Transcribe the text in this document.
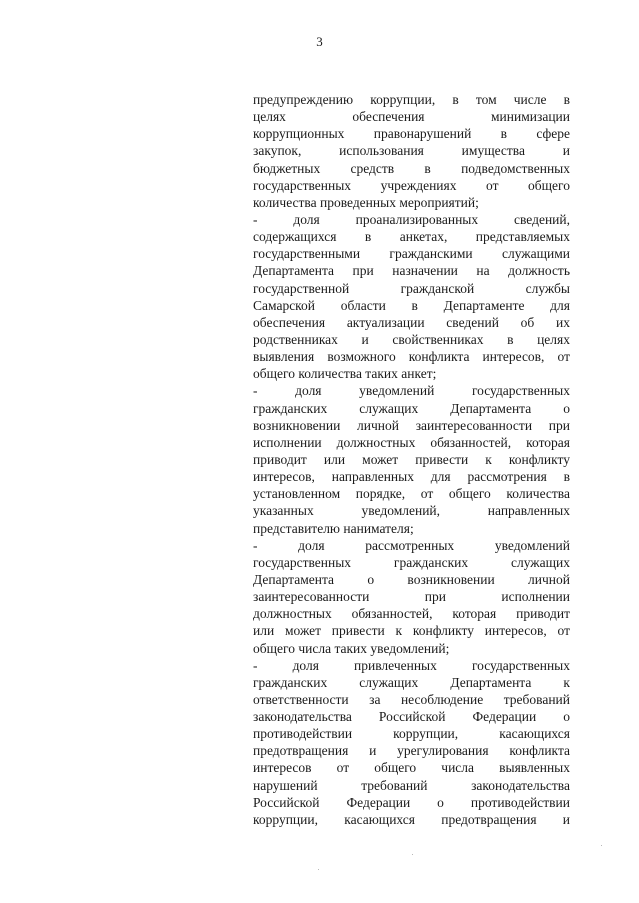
3
предупреждению коррупции, в том числе в
целях обеспечения минимизации
коррупционных правонарушений в сфере
закупок, использования имущества и
бюджетных средств в подведомственных
государственных учреждениях от общего
количества проведенных мероприятий;
- доля проанализированных сведений,
содержащихся в анкетах, представляемых
государственными гражданскими служащими
Департамента при назначении на должность
государственной гражданской службы
Самарской области в Департаменте для
обеспечения актуализации сведений об их
родственниках и свойственниках в целях
выявления возможного конфликта интересов, от
общего количества таких анкет;
- доля уведомлений государственных
гражданских служащих Департамента о
возникновении личной заинтересованности при
исполнении должностных обязанностей, которая
приводит или может привести к конфликту
интересов, направленных для рассмотрения в
установленном порядке, от общего количества
указанных уведомлений, направленных
представителю нанимателя;
- доля рассмотренных уведомлений
государственных гражданских служащих
Департамента о возникновении личной
заинтересованности при исполнении
должностных обязанностей, которая приводит
или может привести к конфликту интересов, от
общего числа таких уведомлений;
- доля привлеченных государственных
гражданских служащих Департамента к
ответственности за несоблюдение требований
законодательства Российской Федерации о
противодействии коррупции, касающихся
предотвращения и урегулирования конфликта
интересов от общего числа выявленных
нарушений требований законодательства
Российской Федерации о противодействии
коррупции, касающихся предотвращения и
